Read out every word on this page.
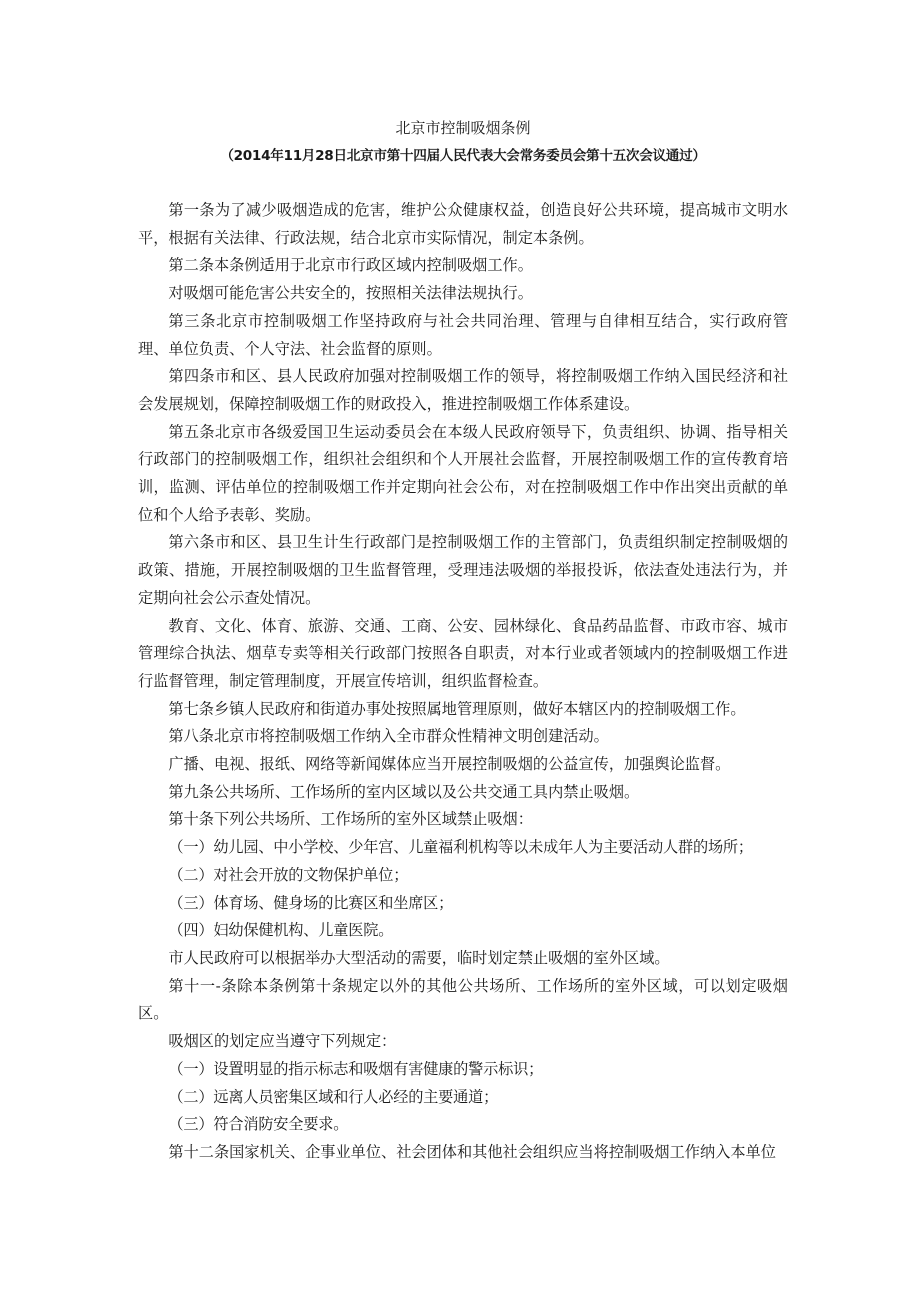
北京市控制吸烟条例
（2014年11月28日北京市第十四届人民代表大会常务委员会第十五次会议通过）

第一条为了减少吸烟造成的危害，维护公众健康权益，创造良好公共环境，提高城市文明水平，根据有关法律、行政法规，结合北京市实际情况，制定本条例。

第二条本条例适用于北京市行政区域内控制吸烟工作。

对吸烟可能危害公共安全的，按照相关法律法规执行。

第三条北京市控制吸烟工作坚持政府与社会共同治理、管理与自律相互结合，实行政府管理、单位负责、个人守法、社会监督的原则。

第四条市和区、县人民政府加强对控制吸烟工作的领导，将控制吸烟工作纳入国民经济和社会发展规划，保障控制吸烟工作的财政投入，推进控制吸烟工作体系建设。

第五条北京市各级爱国卫生运动委员会在本级人民政府领导下，负责组织、协调、指导相关行政部门的控制吸烟工作，组织社会组织和个人开展社会监督，开展控制吸烟工作的宣传教育培训，监测、评估单位的控制吸烟工作并定期向社会公布，对在控制吸烟工作中作出突出贡献的单位和个人给予表彰、奖励。

第六条市和区、县卫生计生行政部门是控制吸烟工作的主管部门，负责组织制定控制吸烟的政策、措施，开展控制吸烟的卫生监督管理，受理违法吸烟的举报投诉，依法查处违法行为，并定期向社会公示查处情况。

教育、文化、体育、旅游、交通、工商、公安、园林绿化、食品药品监督、市政市容、城市管理综合执法、烟草专卖等相关行政部门按照各自职责，对本行业或者领域内的控制吸烟工作进行监督管理，制定管理制度，开展宣传培训，组织监督检查。

第七条乡镇人民政府和街道办事处按照属地管理原则，做好本辖区内的控制吸烟工作。

第八条北京市将控制吸烟工作纳入全市群众性精神文明创建活动。

广播、电视、报纸、网络等新闻媒体应当开展控制吸烟的公益宣传，加强舆论监督。

第九条公共场所、工作场所的室内区域以及公共交通工具内禁止吸烟。

第十条下列公共场所、工作场所的室外区域禁止吸烟：

（一）幼儿园、中小学校、少年宫、儿童福利机构等以未成年人为主要活动人群的场所；

（二）对社会开放的文物保护单位；

（三）体育场、健身场的比赛区和坐席区；

（四）妇幼保健机构、儿童医院。

市人民政府可以根据举办大型活动的需要，临时划定禁止吸烟的室外区域。

第十一-条除本条例第十条规定以外的其他公共场所、工作场所的室外区域，可以划定吸烟区。

吸烟区的划定应当遵守下列规定：

（一）设置明显的指示标志和吸烟有害健康的警示标识；

（二）远离人员密集区域和行人必经的主要通道；

（三）符合消防安全要求。

第十二条国家机关、企事业单位、社会团体和其他社会组织应当将控制吸烟工作纳入本单位
